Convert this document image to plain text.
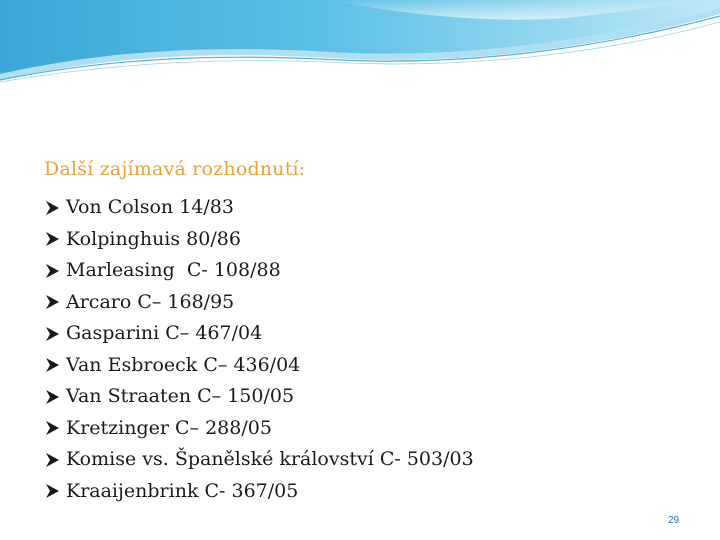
Další zajímavá rozhodnutí:
Von Colson 14/83
Kolpinghuis 80/86
Marleasing  C- 108/88
Arcaro C– 168/95
Gasparini C– 467/04
Van Esbroeck C– 436/04
Van Straaten C– 150/05
Kretzinger C– 288/05
Komise vs. Španělské království C- 503/03
Kraaijenbrink C- 367/05
29
